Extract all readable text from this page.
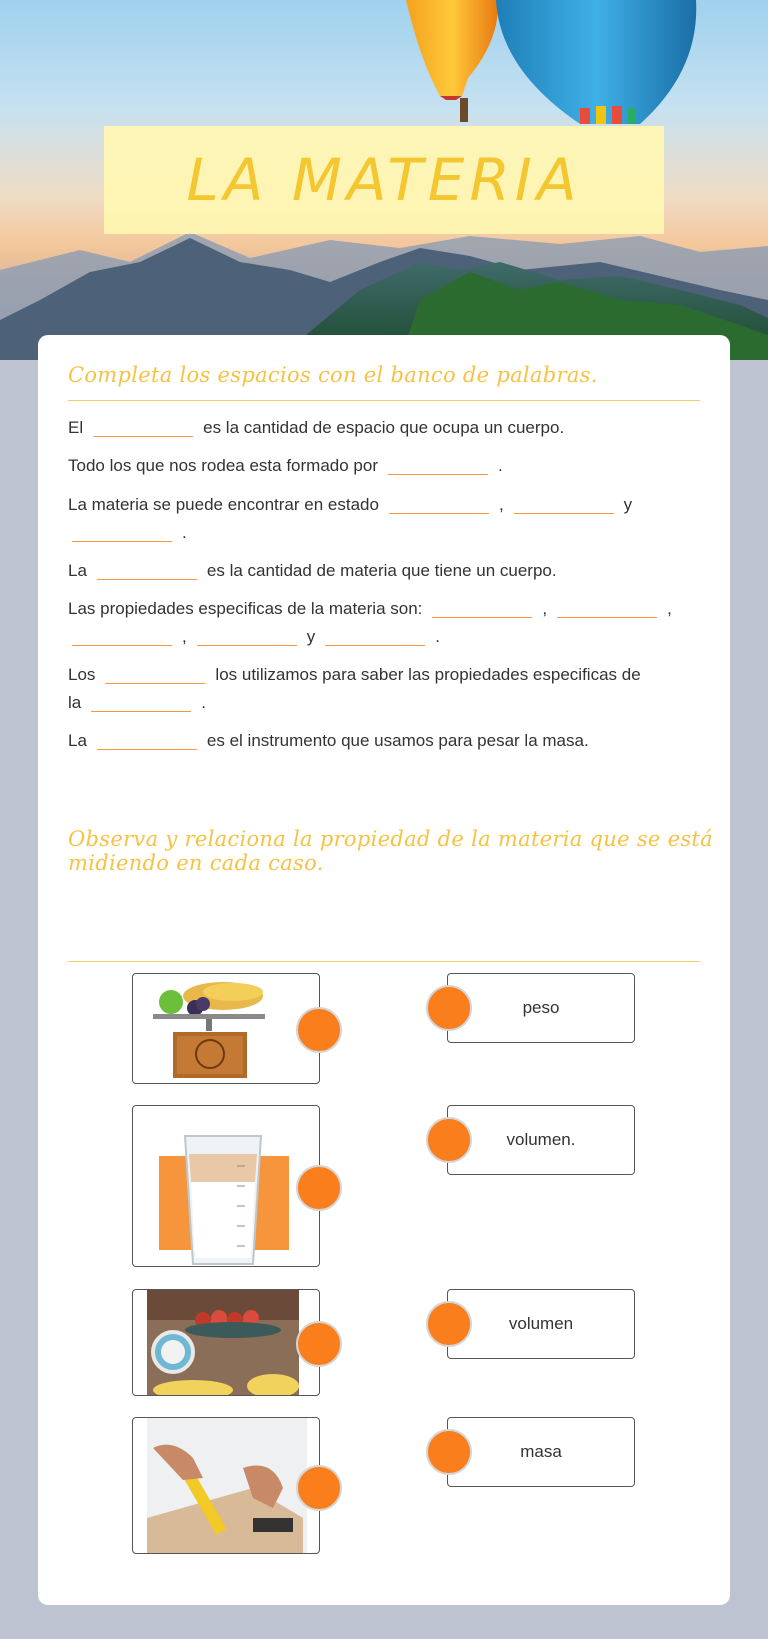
LA MATERIA
Completa los espacios con el banco de palabras.
El	es la cantidad de espacio que ocupa un cuerpo.
Todo los que nos rodea esta formado por	.
La materia se puede encontrar en estado	,	y
.
La	es la cantidad de materia que tiene un cuerpo.
Las propiedades especificas de la materia son:	,	,
,	y	.
Los	los utilizamos para saber las propiedades especificas de
la	.
La	es el instrumento que usamos para pesar la masa.
Observa y relaciona la propiedad de la materia que se está
midiendo en cada caso.
peso
volumen.
volumen
masa
